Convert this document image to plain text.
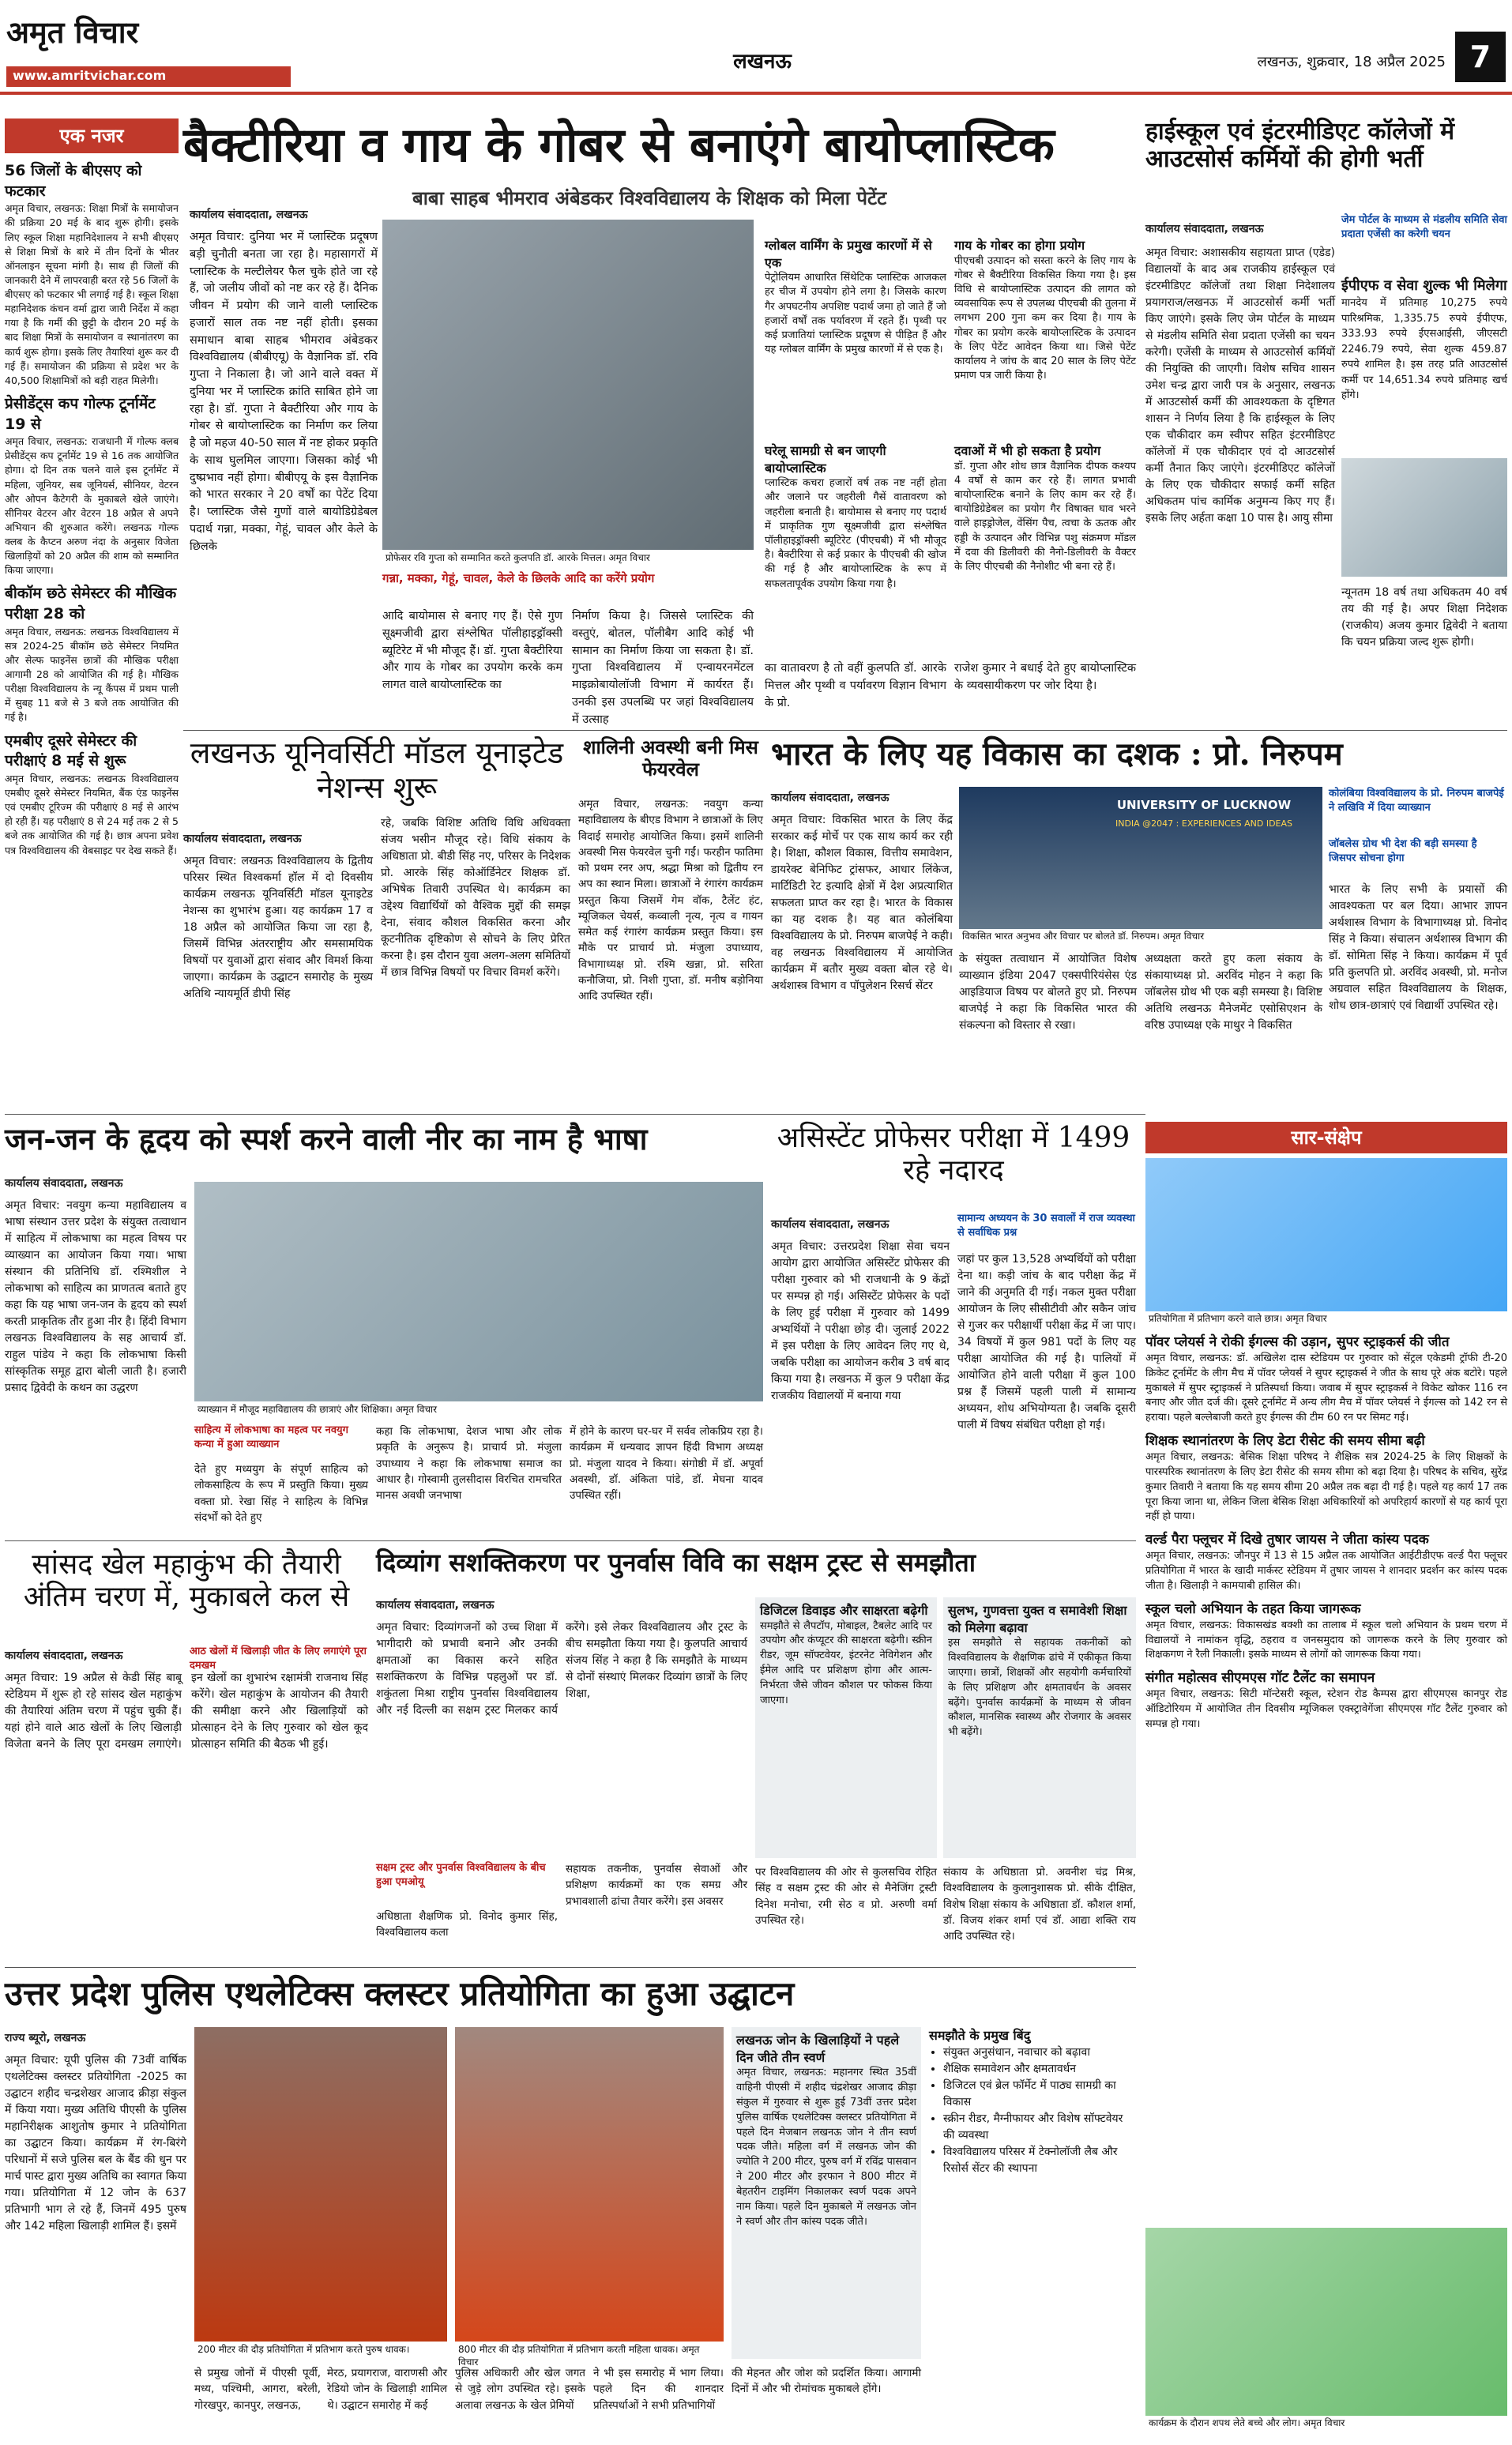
अमृत विचार
www.amritvichar.com
लखनऊ	लखनऊ, शुक्रवार, 18 अप्रैल 2025 7
एक नजर
56 जिलों के बीएसए को फटकार
अमृत विचार, लखनऊ: शिक्षा मित्रों के समायोजन की प्रक्रिया 20 मई के बाद शुरू होगी। इसके लिए स्कूल शिक्षा महानिदेशालय ने सभी बीएसए से शिक्षा मित्रों के बारे में तीन दिनों के भीतर ऑनलाइन सूचना मांगी है। साथ ही जिलों की जानकारी देने में लापरवाही बरत रहे 56 जिलों के बीएसए को फटकार भी लगाई गई है। स्कूल शिक्षा महानिदेशक कंचन वर्मा द्वारा जारी निर्देश में कहा गया है कि गर्मी की छुट्टी के दौरान 20 मई के बाद शिक्षा मित्रों के समायोजन व स्थानांतरण का कार्य शुरू होगा। इसके लिए तैयारियां शुरू कर दी गई हैं। समायोजन की प्रक्रिया से प्रदेश भर के 40,500 शिक्षामित्रों को बड़ी राहत मिलेगी।
प्रेसीडेंट्स कप गोल्फ टूर्नामेंट 19 से
अमृत विचार, लखनऊ: राजधानी में गोल्फ क्लब प्रेसीडेंट्स कप टूर्नामेंट 19 से 16 तक आयोजित होगा। दो दिन तक चलने वाले इस टूर्नामेंट में महिला, जूनियर, सब जूनियर्स, सीनियर, वेटरन और ओपन कैटेगरी के मुकाबले खेले जाएंगे। सीनियर वेटरन और वेटरन 18 अप्रैल से अपने अभियान की शुरुआत करेंगे। लखनऊ गोल्फ क्लब के कैप्टन अरुण नंदा के अनुसार विजेता खिलाड़ियों को 20 अप्रैल की शाम को सम्मानित किया जाएगा।
बीकॉम छठे सेमेस्टर की मौखिक परीक्षा 28 को
अमृत विचार, लखनऊ: लखनऊ विश्वविद्यालय में सत्र 2024-25 बीकॉम छठे सेमेस्टर नियमित और सेल्फ फाइनेंस छात्रों की मौखिक परीक्षा आगामी 28 को आयोजित की गई है। मौखिक परीक्षा विश्वविद्यालय के न्यू कैंपस में प्रथम पाली में सुबह 11 बजे से 3 बजे तक आयोजित की गई है।
एमबीए दूसरे सेमेस्टर की परीक्षाएं 8 मई से शुरू
अमृत विचार, लखनऊ: लखनऊ विश्वविद्यालय एमबीए दूसरे सेमेस्टर नियमित, बैंक एंड फाइनेंस एवं एमबीए टूरिज्म की परीक्षाएं 8 मई से आरंभ हो रही हैं। यह परीक्षाएं 8 से 24 मई तक 2 से 5 बजे तक आयोजित की गई है। छात्र अपना प्रवेश पत्र विश्वविद्यालय की वेबसाइट पर देख सकते हैं।
बैक्टीरिया व गाय के गोबर से बनाएंगे बायोप्लास्टिक
बाबा साहब भीमराव अंबेडकर विश्वविद्यालय के शिक्षक को मिला पेटेंट
कार्यालय संवाददाता, लखनऊ
अमृत विचार: दुनिया भर में प्लास्टिक प्रदूषण बड़ी चुनौती बनता जा रहा है। महासागरों में प्लास्टिक के मल्टीलेयर फैल चुके होते जा रहे हैं, जो जलीय जीवों को नष्ट कर रहे हैं। दैनिक जीवन में प्रयोग की जाने वाली प्लास्टिक हजारों साल तक नष्ट नहीं होती। इसका समाधान बाबा साहब भीमराव अंबेडकर विश्वविद्यालय (बीबीएयू) के वैज्ञानिक डॉ. रवि गुप्ता ने निकाला है। जो आने वाले वक्त में दुनिया भर में प्लास्टिक क्रांति साबित होने जा रहा है। डॉ. गुप्ता ने बैक्टीरिया और गाय के गोबर से बायोप्लास्टिक का निर्माण कर लिया है जो महज 40-50 साल में नष्ट होकर प्रकृति के साथ घुलमिल जाएगा। जिसका कोई भी दुष्प्रभाव नहीं होगा। बीबीएयू के इस वैज्ञानिक को भारत सरकार ने 20 वर्षों का पेटेंट दिया है। प्लास्टिक जैसे गुणों वाले बायोडिग्रेडेबल पदार्थ गन्ना, मक्का, गेहूं, चावल और केले के छिलके
प्रोफेसर रवि गुप्ता को सम्मानित करते कुलपति डॉ. आरके मित्तल। अमृत विचार
गन्ना, मक्का, गेहूं, चावल, केले के छिलके आदि का करेंगे प्रयोग
आदि बायोमास से बनाए गए हैं। ऐसे गुण सूक्ष्मजीवी द्वारा संश्लेषित पॉलीहाइड्रॉक्सी ब्यूटिरेट में भी मौजूद हैं। डॉ. गुप्ता बैक्टीरिया और गाय के गोबर का उपयोग करके कम लागत वाले बायोप्लास्टिक का
निर्माण किया है। जिससे प्लास्टिक की वस्तुएं, बोतल, पॉलीबैग आदि कोई भी सामान का निर्माण किया जा सकता है। डॉ. गुप्ता विश्वविद्यालय में एन्वायरनमेंटल माइक्रोबायोलॉजी विभाग में कार्यरत हैं। उनकी इस उपलब्धि पर जहां विश्वविद्यालय में उत्साह
का वातावरण है तो वहीं कुलपति डॉ. आरके मित्तल और पृथ्वी व पर्यावरण विज्ञान विभाग के प्रो.
राजेश कुमार ने बधाई देते हुए बायोप्लास्टिक के व्यवसायीकरण पर जोर दिया है।
ग्लोबल वार्मिंग के प्रमुख कारणों में से एक
पेट्रोलियम आधारित सिंथेटिक प्लास्टिक आजकल हर चीज में उपयोग होने लगा है। जिसके कारण गैर अपघटनीय अपशिष्ट पदार्थ जमा हो जाते हैं जो हजारों वर्षों तक पर्यावरण में रहते हैं। पृथ्वी पर कई प्रजातियां प्लास्टिक प्रदूषण से पीड़ित हैं और यह ग्लोबल वार्मिंग के प्रमुख कारणों में से एक है।
गाय के गोबर का होगा प्रयोग
पीएचबी उत्पादन को सस्ता करने के लिए गाय के गोबर से बैक्टीरिया विकसित किया गया है। इस विधि से बायोप्लास्टिक उत्पादन की लागत को व्यवसायिक रूप से उपलब्ध पीएचबी की तुलना में लगभग 200 गुना कम कर दिया है। गाय के गोबर का प्रयोग करके बायोप्लास्टिक के उत्पादन के लिए पेटेंट आवेदन किया था। जिसे पेटेंट कार्यालय ने जांच के बाद 20 साल के लिए पेटेंट प्रमाण पत्र जारी किया है।
घरेलू सामग्री से बन जाएगी बायोप्लास्टिक
प्लास्टिक कचरा हजारों वर्ष तक नष्ट नहीं होता और जलाने पर जहरीली गैसें वातावरण को जहरीला बनाती है। बायोमास से बनाए गए पदार्थ में प्राकृतिक गुण सूक्ष्मजीवी द्वारा संश्लेषित पॉलीहाइड्रॉक्सी ब्यूटिरेट (पीएचबी) में भी मौजूद है। बैक्टीरिया से कई प्रकार के पीएचबी की खोज की गई है और बायोप्लास्टिक के रूप में सफलतापूर्वक उपयोग किया गया है।
दवाओं में भी हो सकता है प्रयोग
डॉ. गुप्ता और शोध छात्र वैज्ञानिक दीपक कश्यप 4 वर्षों से काम कर रहे हैं। लागत प्रभावी बायोप्लास्टिक बनाने के लिए काम कर रहे हैं। बायोडिग्रेडेबल का प्रयोग गैर विषाक्त घाव भरने वाले हाइड्रोजेल, वेंसिंग पैच, त्वचा के ऊतक और हड्डी के उत्पादन और विभिन्न पशु संक्रमण मॉडल में दवा की डिलीवरी की नैनो-डिलीवरी के वैक्टर के लिए पीएचबी की नैनोशीट भी बना रहे हैं।
हाईस्कूल एवं इंटरमीडिएट कॉलेजों में आउटसोर्स कर्मियों की होगी भर्ती
कार्यालय संवाददाता, लखनऊ
जेम पोर्टल के माध्यम से मंडलीय समिति सेवा प्रदाता एजेंसी का करेगी चयन
अमृत विचार: अशासकीय सहायता प्राप्त (एडेड) विद्यालयों के बाद अब राजकीय हाईस्कूल एवं इंटरमीडिएट कॉलेजों तथा शिक्षा निदेशालय प्रयागराज/लखनऊ में आउटसोर्स कर्मी भर्ती किए जाएंगे। इसके लिए जेम पोर्टल के माध्यम से मंडलीय समिति सेवा प्रदाता एजेंसी का चयन करेगी। एजेंसी के माध्यम से आउटसोर्स कर्मियों की नियुक्ति की जाएगी। विशेष सचिव शासन उमेश चन्द्र द्वारा जारी पत्र के अनुसार, लखनऊ में आउटसोर्स कर्मी की आवश्यकता के दृष्टिगत शासन ने निर्णय लिया है कि हाईस्कूल के लिए एक चौकीदार कम स्वीपर सहित इंटरमीडिएट कॉलेजों में एक चौकीदार एवं दो आउटसोर्स कर्मी तैनात किए जाएंगे। इंटरमीडिएट कॉलेजों के लिए एक चौकीदार सफाई कर्मी सहित अधिकतम पांच कार्मिक अनुमन्य किए गए हैं। इसके लिए अर्हता कक्षा 10 पास है। आयु सीमा
ईपीएफ व सेवा शुल्क भी मिलेगा
मानदेय में प्रतिमाह 10,275 रुपये पारिश्रमिक, 1,335.75 रुपये ईपीएफ, 333.93 रुपये ईएसआईसी, जीएसटी 2246.79 रुपये, सेवा शुल्क 459.87 रुपये शामिल है। इस तरह प्रति आउटसोर्स कर्मी पर 14,651.34 रुपये प्रतिमाह खर्च होंगे।
न्यूनतम 18 वर्ष तथा अधिकतम 40 वर्ष तय की गई है। अपर शिक्षा निदेशक (राजकीय) अजय कुमार द्विवेदी ने बताया कि चयन प्रक्रिया जल्द शुरू होगी।
लखनऊ यूनिवर्सिटी मॉडल यूनाइटेड नेशन्स शुरू
कार्यालय संवाददाता, लखनऊ
अमृत विचार: लखनऊ विश्वविद्यालय के द्वितीय परिसर स्थित विश्वकर्मा हॉल में दो दिवसीय कार्यक्रम लखनऊ यूनिवर्सिटी मॉडल यूनाइटेड नेशन्स का शुभारंभ हुआ। यह कार्यक्रम 17 व 18 अप्रैल को आयोजित किया जा रहा है, जिसमें विभिन्न अंतरराष्ट्रीय और समसामयिक विषयों पर युवाओं द्वारा संवाद और विमर्श किया जाएगा। कार्यक्रम के उद्घाटन समारोह के मुख्य अतिथि न्यायमूर्ति डीपी सिंह
रहे, जबकि विशिष्ट अतिथि विधि अधिवक्ता संजय भसीन मौजूद रहे। विधि संकाय के अधिष्ठाता प्रो. बीडी सिंह नए, परिसर के निदेशक प्रो. आरके सिंह कोऑर्डिनेटर शिक्षक डॉ. अभिषेक तिवारी उपस्थित थे। कार्यक्रम का उद्देश्य विद्यार्थियों को वैश्विक मुद्दों की समझ देना, संवाद कौशल विकसित करना और कूटनीतिक दृष्टिकोण से सोचने के लिए प्रेरित करना है। इस दौरान युवा अलग-अलग समितियों में छात्र विभिन्न विषयों पर विचार विमर्श करेंगे।
शालिनी अवस्थी बनी मिस फेयरवेल
अमृत विचार, लखनऊ: नवयुग कन्या महाविद्यालय के बीएड विभाग ने छात्राओं के लिए विदाई समारोह आयोजित किया। इसमें शालिनी अवस्थी मिस फेयरवेल चुनी गईं। फरहीन फातिमा को प्रथम रनर अप, श्रद्धा मिश्रा को द्वितीय रन अप का स्थान मिला। छात्राओं ने रंगारंग कार्यक्रम प्रस्तुत किया जिसमें गेम वॉक, टैलेंट हंट, म्यूजिकल चेयर्स, कव्वाली नृत्य, नृत्य व गायन समेत कई रंगारंग कार्यक्रम प्रस्तुत किया। इस मौके पर प्राचार्य प्रो. मंजुला उपाध्याय, विभागाध्यक्ष प्रो. रश्मि खन्ना, प्रो. सरिता कनौजिया, प्रो. निशी गुप्ता, डॉ. मनीष बड़ोनिया आदि उपस्थित रहीं।
भारत के लिए यह विकास का दशक : प्रो. निरुपम
कार्यालय संवाददाता, लखनऊ
अमृत विचार: विकसित भारत के लिए केंद्र सरकार कई मोर्चे पर एक साथ कार्य कर रही है। शिक्षा, कौशल विकास, वित्तीय समावेशन, डायरेक्ट बेनिफिट ट्रांसफर, आधार लिंकेज, मार्टिडिटी रेट इत्यादि क्षेत्रों में देश अप्रत्याशित सफलता प्राप्त कर रहा है। भारत के विकास का यह दशक है। यह बात कोलंबिया विश्वविद्यालय के प्रो. निरुपम बाजपेई ने कही। वह लखनऊ विश्वविद्यालय में आयोजित कार्यक्रम में बतौर मुख्य वक्ता बोल रहे थे। अर्थशास्त्र विभाग व पॉपुलेशन रिसर्च सेंटर
UNIVERSITY OF LUCKNOW
INDIA @2047 : EXPERIENCES AND IDEAS
विकसित भारत अनुभव और विचार पर बोलते डॉ. निरुपम। अमृत विचार
कोलंबिया विश्वविद्यालय के प्रो. निरुपम बाजपेई ने लखिवि में दिया व्याख्यान
जॉबलेस ग्रोथ भी देश की बड़ी समस्या है जिसपर सोचना होगा
भारत के लिए सभी के प्रयासों की आवश्यकता पर बल दिया। आभार ज्ञापन अर्थशास्त्र विभाग के विभागाध्यक्ष प्रो. विनोद सिंह ने किया। संचालन अर्थशास्त्र विभाग की डॉ. सोमिता सिंह ने किया। कार्यक्रम में पूर्व प्रति कुलपति प्रो. अरविंद अवस्थी, प्रो. मनोज अग्रवाल सहित विश्वविद्यालय के शिक्षक, शोध छात्र-छात्राएं एवं विद्यार्थी उपस्थित रहे।
के संयुक्त तत्वाधान में आयोजित विशेष व्याख्यान इंडिया 2047 एक्सपीरियंसेस एंड आइडियाज विषय पर बोलते हुए प्रो. निरुपम बाजपेई ने कहा कि विकसित भारत की संकल्पना को विस्तार से रखा।
अध्यक्षता करते हुए कला संकाय के संकायाध्यक्ष प्रो. अरविंद मोहन ने कहा कि जॉबलेस ग्रोथ भी एक बड़ी समस्या है। विशिष्ट अतिथि लखनऊ मैनेजमेंट एसोसिएशन के वरिष्ठ उपाध्यक्ष एके माथुर ने विकसित
जन-जन के हृदय को स्पर्श करने वाली नीर का नाम है भाषा
कार्यालय संवाददाता, लखनऊ
अमृत विचार: नवयुग कन्या महाविद्यालय व भाषा संस्थान उत्तर प्रदेश के संयुक्त तत्वाधान में साहित्य में लोकभाषा का महत्व विषय पर व्याख्यान का आयोजन किया गया। भाषा संस्थान की प्रतिनिधि डॉ. रश्मिशील ने लोकभाषा को साहित्य का प्राणतत्व बताते हुए कहा कि यह भाषा जन-जन के हृदय को स्पर्श करती प्राकृतिक तौर हुआ नीर है। हिंदी विभाग लखनऊ विश्वविद्यालय के सह आचार्य डॉ. राहुल पांडेय ने कहा कि लोकभाषा किसी सांस्कृतिक समूह द्वारा बोली जाती है। हजारी प्रसाद द्विवेदी के कथन का उद्धरण
व्याख्यान में मौजूद महाविद्यालय की छात्राएं और शिक्षिका। अमृत विचार
साहित्य में लोकभाषा का महत्व पर नवयुग कन्या में हुआ व्याख्यान
देते हुए मध्ययुग के संपूर्ण साहित्य को लोकसाहित्य के रूप में प्रस्तुति किया। मुख्य वक्ता प्रो. रेखा सिंह ने साहित्य के विभिन्न संदर्भों को देते हुए
कहा कि लोकभाषा, देशज भाषा और लोक प्रकृति के अनुरूप है। प्राचार्य प्रो. मंजुला उपाध्याय ने कहा कि लोकभाषा समाज का आधार है। गोस्वामी तुलसीदास विरचित रामचरित मानस अवधी जनभाषा
में होने के कारण घर-घर में सर्वव लोकप्रिय रहा है। कार्यक्रम में धन्यवाद ज्ञापन हिंदी विभाग अध्यक्ष प्रो. मंजुला यादव ने किया। संगोष्ठी में डॉ. अपूर्वा अवस्थी, डॉ. अंकिता पांडे, डॉ. मेघना यादव उपस्थित रहीं।
असिस्टेंट प्रोफेसर परीक्षा में 1499 रहे नदारद
कार्यालय संवाददाता, लखनऊ	सामान्य अध्ययन के 30 सवालों में राज व्यवस्था से सर्वाधिक प्रश्न
अमृत विचार: उत्तरप्रदेश शिक्षा सेवा चयन आयोग द्वारा आयोजित असिस्टेंट प्रोफेसर की परीक्षा गुरुवार को भी राजधानी के 9 केंद्रों पर सम्पन्न हो गई। असिस्टेंट प्रोफेसर के पदों के लिए हुई परीक्षा में गुरुवार को 1499 अभ्यर्थियों ने परीक्षा छोड़ दी। जुलाई 2022 में इस परीक्षा के लिए आवेदन लिए गए थे, जबकि परीक्षा का आयोजन करीब 3 वर्ष बाद किया गया है। लखनऊ में कुल 9 परीक्षा केंद्र राजकीय विद्यालयों में बनाया गया
जहां पर कुल 13,528 अभ्यर्थियों को परीक्षा देना था। कड़ी जांच के बाद परीक्षा केंद्र में जाने की अनुमति दी गई। नकल मुक्त परीक्षा आयोजन के लिए सीसीटीवी और सकैन जांच से गुजर कर परीक्षार्थी परीक्षा केंद्र में जा पाए। 34 विषयों में कुल 981 पदों के लिए यह परीक्षा आयोजित की गई है। पालियों में आयोजित होने वाली परीक्षा में कुल 100 प्रश्न हैं जिसमें पहली पाली में सामान्य अध्ययन, शोध अभियोग्यता है। जबकि दूसरी पाली में विषय संबंधित परीक्षा हो गई।
सार-संक्षेप
प्रतियोगिता में प्रतिभाग करने वाले छात्र। अमृत विचार
पॉवर प्लेयर्स ने रोकी ईगल्स की उड़ान, सुपर स्ट्राइकर्स की जीत
अमृत विचार, लखनऊ: डॉ. अखिलेश दास स्टेडियम पर गुरुवार को सेंट्रल एकेडमी ट्रॉफी टी-20 क्रिकेट टूर्नामेंट के लीग मैच में पॉवर प्लेयर्स ने सुपर स्ट्राइकर्स ने जीत के साथ पूरे अंक बटोरे। पहले मुकाबले में सुपर स्ट्राइकर्स ने प्रतिस्पर्धा किया। जवाब में सुपर स्ट्राइकर्स ने विकेट खोकर 116 रन बनाए और जीत दर्ज की। दूसरे टूर्नामेंट में अन्य लीग मैच में पॉवर प्लेयर्स ने ईगल्स को 142 रन से हराया। पहले बल्लेबाजी करते हुए ईगल्स की टीम 60 रन पर सिमट गई।
शिक्षक स्थानांतरण के लिए डेटा रीसेट की समय सीमा बढ़ी
अमृत विचार, लखनऊ: बेसिक शिक्षा परिषद ने शैक्षिक सत्र 2024-25 के लिए शिक्षकों के पारस्परिक स्थानांतरण के लिए डेटा रीसेट की समय सीमा को बढ़ा दिया है। परिषद के सचिव, सुरेंद्र कुमार तिवारी ने बताया कि यह समय सीमा 20 अप्रैल तक बढ़ा दी गई है। पहले यह कार्य 17 तक पूरा किया जाना था, लेकिन जिला बेसिक शिक्षा अधिकारियों को अपरिहार्य कारणों से यह कार्य पूरा नहीं हो पाया।
वर्ल्ड पैरा फ्लूचर में दिखे तुषार जायस ने जीता कांस्य पदक
अमृत विचार, लखनऊ: जौनपुर में 13 से 15 अप्रैल तक आयोजित आईटीडीएफ वर्ल्ड पैरा फ्लूचर प्रतियोगिता में भारत के खादी मार्कस्ट स्टेडियम में तुषार जायस ने शानदार प्रदर्शन कर कांस्य पदक जीता है। खिलाड़ी ने कामयाबी हासिल की।
स्कूल चलो अभियान के तहत किया जागरूक
अमृत विचार, लखनऊ: विकासखंड बक्शी का तालाब में स्कूल चलो अभियान के प्रथम चरण में विद्यालयों ने नामांकन वृद्धि, ठहराव व जनसमुदाय को जागरूक करने के लिए गुरुवार को शिक्षकगण ने रैली निकाली। इसके माध्यम से लोगों को जागरूक किया गया।
संगीत महोत्सव सीएमएस गॉट टैलेंट का समापन
अमृत विचार, लखनऊ: सिटी मॉन्टेसरी स्कूल, स्टेशन रोड कैम्पस द्वारा सीएमएस कानपुर रोड ऑडिटोरियम में आयोजित तीन दिवसीय म्यूजिकल एक्स्ट्रावेगेंजा सीएमएस गॉट टैलेंट गुरुवार को सम्पन्न हो गया।
कार्यक्रम के दौरान शपथ लेते बच्चे और लोग। अमृत विचार
सांसद खेल महाकुंभ की तैयारी अंतिम चरण में, मुकाबले कल से
कार्यालय संवाददाता, लखनऊ	आठ खेलों में खिलाड़ी जीत के लिए लगाएंगे पूरा दमखम
अमृत विचार: 19 अप्रैल से केडी सिंह बाबू स्टेडियम में शुरू हो रहे सांसद खेल महाकुंभ की तैयारियां अंतिम चरण में पहुंच चुकी हैं। यहां होने वाले आठ खेलों के लिए खिलाड़ी विजेता बनने के लिए पूरा दमखम लगाएंगे। इन खेलों का शुभारंभ रक्षामंत्री राजनाथ सिंह करेंगे। खेल महाकुंभ के आयोजन की तैयारी की समीक्षा करने और खिलाड़ियों को प्रोत्साहन देने के लिए गुरुवार को खेल कूद प्रोत्साहन समिति की बैठक भी हुई।
दिव्यांग सशक्तिकरण पर पुनर्वास विवि का सक्षम ट्रस्ट से समझौता
कार्यालय संवाददाता, लखनऊ
अमृत विचार: दिव्यांगजनों को उच्च शिक्षा में भागीदारी को प्रभावी बनाने और उनकी क्षमताओं का विकास करने सहित सशक्तिकरण के विभिन्न पहलुओं पर डॉ. शकुंतला मिश्रा राष्ट्रीय पुनर्वास विश्वविद्यालय और नई दिल्ली का सक्षम ट्रस्ट मिलकर कार्य करेंगे। इसे लेकर विश्वविद्यालय और ट्रस्ट के बीच समझौता किया गया है। कुलपति आचार्य संजय सिंह ने कहा है कि समझौते के माध्यम से दोनों संस्थाएं मिलकर दिव्यांग छात्रों के लिए शिक्षा,
सक्षम ट्रस्ट और पुनर्वास विश्वविद्यालय के बीच हुआ एमओयू
अधिष्ठाता शैक्षणिक प्रो. विनोद कुमार सिंह, विश्वविद्यालय कला
सहायक तकनीक, पुनर्वास सेवाओं और प्रशिक्षण कार्यक्रमों का एक समग्र और प्रभावशाली ढांचा तैयार करेंगे। इस अवसर
डिजिटल डिवाइड और साक्षरता बढ़ेगी
समझौते से लैपटॉप, मोबाइल, टैबलेट आदि पर उपयोग और कंप्यूटर की साक्षरता बढ़ेगी। स्क्रीन रीडर, जूम सॉफ्टवेयर, इंटरनेट नेविगेशन और ईमेल आदि पर प्रशिक्षण होगा और आत्म-निर्भरता जैसे जीवन कौशल पर फोकस किया जाएगा।
सुलभ, गुणवत्ता युक्त व समावेशी शिक्षा को मिलेगा बढ़ावा
इस समझौते से सहायक तकनीकों को विश्वविद्यालय के शैक्षणिक ढांचे में एकीकृत किया जाएगा। छात्रों, शिक्षकों और सहयोगी कर्मचारियों के लिए प्रशिक्षण और क्षमतावर्धन के अवसर बढ़ेंगे। पुनर्वास कार्यक्रमों के माध्यम से जीवन कौशल, मानसिक स्वास्थ्य और रोजगार के अवसर भी बढ़ेंगे।
पर विश्वविद्यालय की ओर से कुलसचिव रोहित सिंह व सक्षम ट्रस्ट की ओर से मैनेजिंग ट्रस्टी दिनेश मनोचा, रमी सेठ व प्रो. अरुणी वर्मा उपस्थित रहे।
संकाय के अधिष्ठाता प्रो. अवनीश चंद्र मिश्र, विश्वविद्यालय के कुलानुशासक प्रो. सीके दीक्षित, विशेष शिक्षा संकाय के अधिष्ठाता डॉ. कौशल शर्मा, डॉ. विजय शंकर शर्मा एवं डॉ. आद्या शक्ति राय आदि उपस्थित रहे।
उत्तर प्रदेश पुलिस एथलेटिक्स क्लस्टर प्रतियोगिता का हुआ उद्घाटन
राज्य ब्यूरो, लखनऊ
अमृत विचार: यूपी पुलिस की 73वीं वार्षिक एथलेटिक्स क्लस्टर प्रतियोगिता -2025 का उद्घाटन शहीद चन्द्रशेखर आजाद क्रीड़ा संकुल में किया गया। मुख्य अतिथि पीएसी के पुलिस महानिरीक्षक आशुतोष कुमार ने प्रतियोगिता का उद्घाटन किया। कार्यक्रम में रंग-बिरंगे परिधानों में सजे पुलिस बल के बैंड की धुन पर मार्च पास्ट द्वारा मुख्य अतिथि का स्वागत किया गया। प्रतियोगिता में 12 जोन के 637 प्रतिभागी भाग ले रहे हैं, जिनमें 495 पुरुष और 142 महिला खिलाड़ी शामिल हैं। इसमें
200 मीटर की दौड़ प्रतियोगिता में प्रतिभाग करते पुरुष धावक।	800 मीटर की दौड़ प्रतियोगिता में प्रतिभाग करती महिला धावक। अमृत विचार
से प्रमुख जोनों में पीएसी पूर्वी, मध्य, पश्चिमी, आगरा, बरेली, गोरखपुर, कानपुर, लखनऊ,
मेरठ, प्रयागराज, वाराणसी और रेडियो जोन के खिलाड़ी शामिल थे। उद्घाटन समारोह में कई
पुलिस अधिकारी और खेल जगत से जुड़े लोग उपस्थित रहे। इसके अलावा लखनऊ के खेल प्रेमियों
ने भी इस समारोह में भाग लिया। पहले दिन की शानदार प्रतिस्पर्धाओं ने सभी प्रतिभागियों
लखनऊ जोन के खिलाड़ियों ने पहले दिन जीते तीन स्वर्ण
अमृत विचार, लखनऊ: महानगर स्थित 35वीं वाहिनी पीएसी में शहीद चंद्रशेखर आजाद क्रीड़ा संकुल में गुरुवार से शुरू हुई 73वीं उत्तर प्रदेश पुलिस वार्षिक एथलेटिक्स क्लस्टर प्रतियोगिता में पहले दिन मेजबान लखनऊ जोन ने तीन स्वर्ण पदक जीते। महिला वर्ग में लखनऊ जोन की ज्योति ने 200 मीटर, पुरुष वर्ग में रविंद्र पासवान ने 200 मीटर और इरफान ने 800 मीटर में बेहतरीन टाइमिंग निकालकर स्वर्ण पदक अपने नाम किया। पहले दिन मुकाबले में लखनऊ जोन ने स्वर्ण और तीन कांस्य पदक जीते।
की मेहनत और जोश को प्रदर्शित किया। आगामी दिनों में और भी रोमांचक मुकाबले होंगे।
समझौते के प्रमुख बिंदु
• संयुक्त अनुसंधान, नवाचार को बढ़ावा
• शैक्षिक समावेशन और क्षमतावर्धन
• डिजिटल एवं ब्रेल फॉर्मेट में पाठ्य सामग्री का विकास
• स्क्रीन रीडर, मैग्नीफायर और विशेष सॉफ्टवेयर की व्यवस्था
• विश्वविद्यालय परिसर में टेक्नोलॉजी लैब और रिसोर्स सेंटर की स्थापना
